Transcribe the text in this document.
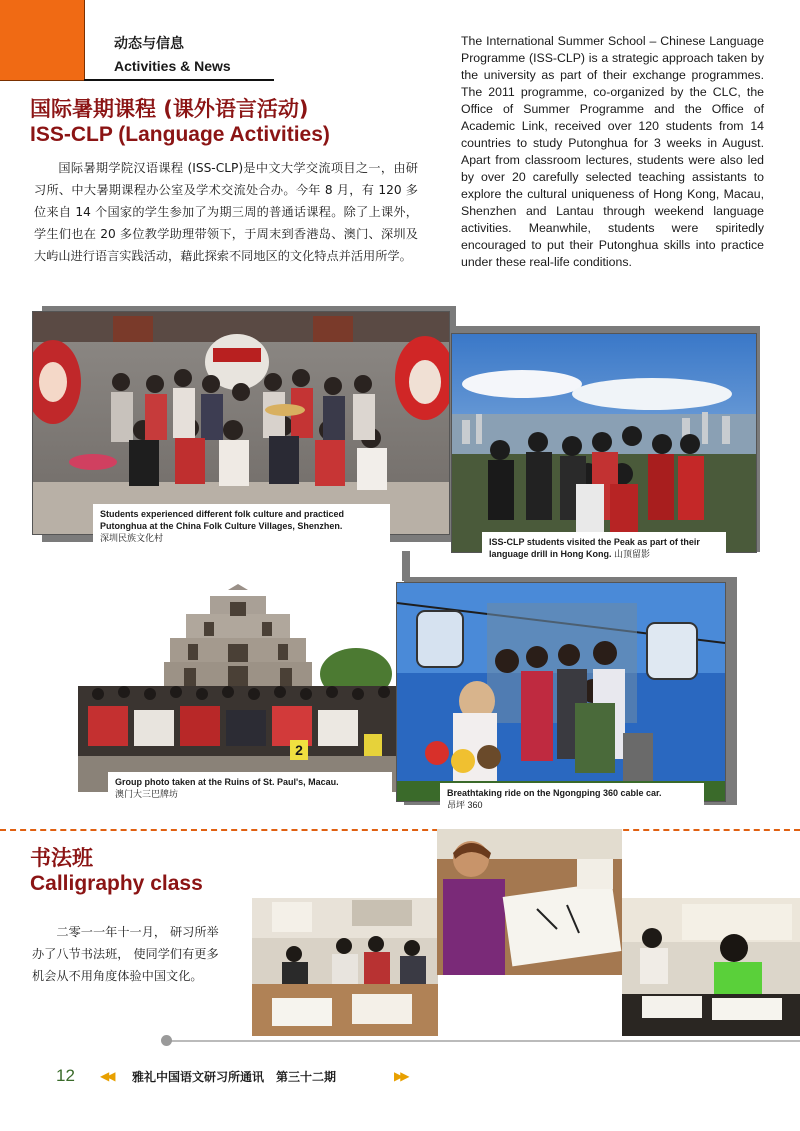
动态与信息
Activities & News
国际暑期课程 (课外语言活动)
ISS-CLP (Language Activities)
国际暑期学院汉语课程 (ISS-CLP)是中文大学交流项目之一，由研习所、中大暑期课程办公室及学术交流处合办。今年 8 月，有 120 多位来自 14 个国家的学生参加了为期三周的普通话课程。除了上课外，学生们也在 20 多位教学助理带领下，于周末到香港岛、澳门、深圳及大屿山进行语言实践活动，藉此探索不同地区的文化特点并活用所学。
The International Summer School – Chinese Language Programme (ISS-CLP) is a strategic approach taken by the university as part of their exchange programmes. The 2011 programme, co-organized by the CLC, the Office of Summer Programme and the Office of Academic Link, received over 120 students from 14 countries to study Putonghua for 3 weeks in August. Apart from classroom lectures, students were also led by over 20 carefully selected teaching assistants to explore the cultural uniqueness of Hong Kong, Macau, Shenzhen and Lantau through weekend language activities. Meanwhile, students were spiritedly encouraged to put their Putonghua skills into practice under these real-life conditions.
Students experienced different folk culture and practiced Putonghua at the China Folk Culture Villages, Shenzhen.
深圳民族文化村	ISS-CLP students visited the Peak as part of their language drill in Hong Kong. 山顶留影
2
Group photo taken at the Ruins of St. Paul's, Macau.
澳门大三巴牌坊	Breathtaking ride on the Ngongping 360 cable car.
昂坪 360
书法班
Calligraphy class
二零一一年十一月， 研习所举办了八节书法班， 使同学们有更多机会从不用角度体验中国文化。
12 ◀◀ 雅礼中国语文研习所通讯　第三十二期	▶▶
